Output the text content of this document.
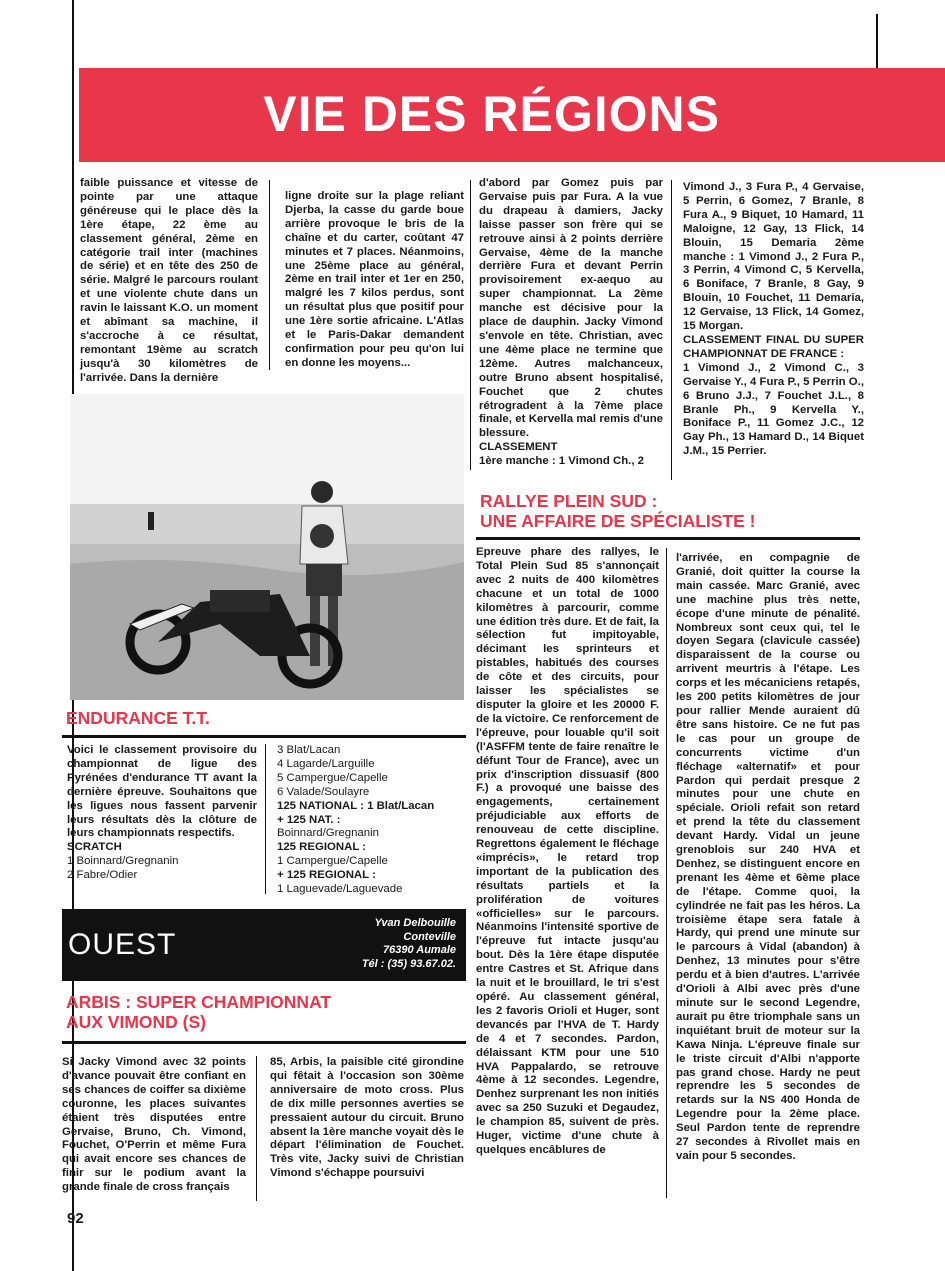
VIE DES RÉGIONS
faible puissance et vitesse de pointe par une attaque généreuse qui le place dès la 1ère étape, 22 ème au classement général, 2ème en catégorie trail inter (machines de série) et en tête des 250 de série. Malgré le parcours roulant et une violente chute dans un ravin le laissant K.O. un moment et abîmant sa machine, il s'accroche à ce résultat, remontant 19ème au scratch jusqu'à 30 kilomètres de l'arrivée. Dans la dernière
ligne droite sur la plage reliant Djerba, la casse du garde boue arrière provoque le bris de la chaîne et du carter, coûtant 47 minutes et 7 places. Néanmoins, une 25ème place au général, 2ème en trail inter et 1er en 250, malgré les 7 kilos perdus, sont un résultat plus que positif pour une 1ère sortie africaine. L'Atlas et le Paris-Dakar demandent confirmation pour peu qu'on lui en donne les moyens...

d'abord par Gomez puis par Gervaise puis par Fura. A la vue du drapeau à damiers, Jacky laisse passer son frère qui se retrouve ainsi à 2 points derrière Gervaise, 4ème de la manche derrière Fura et devant Perrin provisoirement ex-aequo au super championnat. La 2ème manche est décisive pour la place de dauphin. Jacky Vimond s'envole en tête. Christian, avec une 4ème place ne termine que 12ème. Autres malchanceux, outre Bruno absent hospitalisé, Fouchet que 2 chutes rétrogradent à la 7ème place finale, et Kervella mal remis d'une blessure.

CLASSEMENT

1ère manche : 1 Vimond Ch., 2

Vimond J., 3 Fura P., 4 Gervaise, 5 Perrin, 6 Gomez, 7 Branle, 8 Fura A., 9 Biquet, 10 Hamard, 11 Maloigne, 12 Gay, 13 Flick, 14 Blouin, 15 Demaria 2ème manche : 1 Vimond J., 2 Fura P., 3 Perrin, 4 Vimond C, 5 Kervella, 6 Boniface, 7 Branle, 8 Gay, 9 Blouin, 10 Fouchet, 11 Demaria, 12 Gervaise, 13 Flick, 14 Gomez, 15 Morgan.

CLASSEMENT FINAL DU SUPER CHAMPIONNAT DE FRANCE :

1 Vimond J., 2 Vimond C., 3 Gervaise Y., 4 Fura P., 5 Perrin O., 6 Bruno J.J., 7 Fouchet J.L., 8 Branle Ph., 9 Kervella Y., Boniface P., 11 Gomez J.C., 12 Gay Ph., 13 Hamard D., 14 Biquet J.M., 15 Perrier.

ENDURANCE T.T.

Voici le classement provisoire du championnat de ligue des Pyrénées d'endurance TT avant la dernière épreuve. Souhaitons que les ligues nous fassent parvenir leurs résultats dès la clôture de leurs championnats respectifs.

SCRATCH

1 Boinnard/Gregnanin

2 Fabre/Odier

3 Blat/Lacan

4 Lagarde/Larguille

5 Campergue/Capelle

6 Valade/Soulayre

125 NATIONAL : 1 Blat/Lacan

+ 125 NAT. :

Boinnard/Gregnanin

125 REGIONAL :

1 Campergue/Capelle

+ 125 REGIONAL :

1 Laguevade/Laguevade

OUEST
Yvan Delbouille
Conteville
76390 Aumale
Tél : (35) 93.67.02.
ARBIS : SUPER CHAMPIONNAT
AUX VIMOND (S)
Si Jacky Vimond avec 32 points d'avance pouvait être confiant en ses chances de coiffer sa dixième couronne, les places suivantes étaient très disputées entre Gervaise, Bruno, Ch. Vimond, Fouchet, O'Perrin et même Fura qui avait encore ses chances de finir sur le podium avant la grande finale de cross français
85, Arbis, la paisible cité girondine qui fêtait à l'occasion son 30ème anniversaire de moto cross. Plus de dix mille personnes averties se pressaient autour du circuit. Bruno absent la 1ère manche voyait dès le départ l'élimination de Fouchet. Très vite, Jacky suivi de Christian Vimond s'échappe poursuivi
RALLYE PLEIN SUD :
UNE AFFAIRE DE SPÉCIALISTE !
Epreuve phare des rallyes, le Total Plein Sud 85 s'annonçait avec 2 nuits de 400 kilomètres chacune et un total de 1000 kilomètres à parcourir, comme une édition très dure. Et de fait, la sélection fut impitoyable, décimant les sprinteurs et pistables, habitués des courses de côte et des circuits, pour laisser les spécialistes se disputer la gloire et les 20000 F. de la victoire. Ce renforcement de l'épreuve, pour louable qu'il soit (l'ASFFM tente de faire renaître le défunt Tour de France), avec un prix d'inscription dissuasif (800 F.) a provoqué une baisse des engagements, certainement préjudiciable aux efforts de renouveau de cette discipline. Regrettons également le fléchage «imprécis», le retard trop important de la publication des résultats partiels et la prolifération de voitures «officielles» sur le parcours. Néanmoins l'intensité sportive de l'épreuve fut intacte jusqu'au bout. Dès la 1ère étape disputée entre Castres et St. Afrique dans la nuit et le brouillard, le tri s'est opéré. Au classement général, les 2 favoris Orioli et Huger, sont devancés par l'HVA de T. Hardy de 4 et 7 secondes. Pardon, délaissant KTM pour une 510 HVA Pappalardo, se retrouve 4ème à 12 secondes. Legendre, Denhez surprenant les non initiés avec sa 250 Suzuki et Degaudez, le champion 85, suivent de près. Huger, victime d'une chute à quelques encâblures de
l'arrivée, en compagnie de Granié, doit quitter la course la main cassée. Marc Granié, avec une machine plus très nette, écope d'une minute de pénalité. Nombreux sont ceux qui, tel le doyen Segara (clavicule cassée) disparaissent de la course ou arrivent meurtris à l'étape. Les corps et les mécaniciens retapés, les 200 petits kilomètres de jour pour rallier Mende auraient dû être sans histoire. Ce ne fut pas le cas pour un groupe de concurrents victime d'un fléchage «alternatif» et pour Pardon qui perdait presque 2 minutes pour une chute en spéciale. Orioli refait son retard et prend la tête du classement devant Hardy. Vidal un jeune grenoblois sur 240 HVA et Denhez, se distinguent encore en prenant les 4ème et 6ème place de l'étape. Comme quoi, la cylindrée ne fait pas les héros. La troisième étape sera fatale à Hardy, qui prend une minute sur le parcours à Vidal (abandon) à Denhez, 13 minutes pour s'être perdu et à bien d'autres. L'arrivée d'Orioli à Albi avec près d'une minute sur le second Legendre, aurait pu être triomphale sans un inquiétant bruit de moteur sur la Kawa Ninja. L'épreuve finale sur le triste circuit d'Albi n'apporte pas grand chose. Hardy ne peut reprendre les 5 secondes de retards sur la NS 400 Honda de Legendre pour la 2ème place. Seul Pardon tente de reprendre 27 secondes à Rivollet mais en vain pour 5 secondes.
92
